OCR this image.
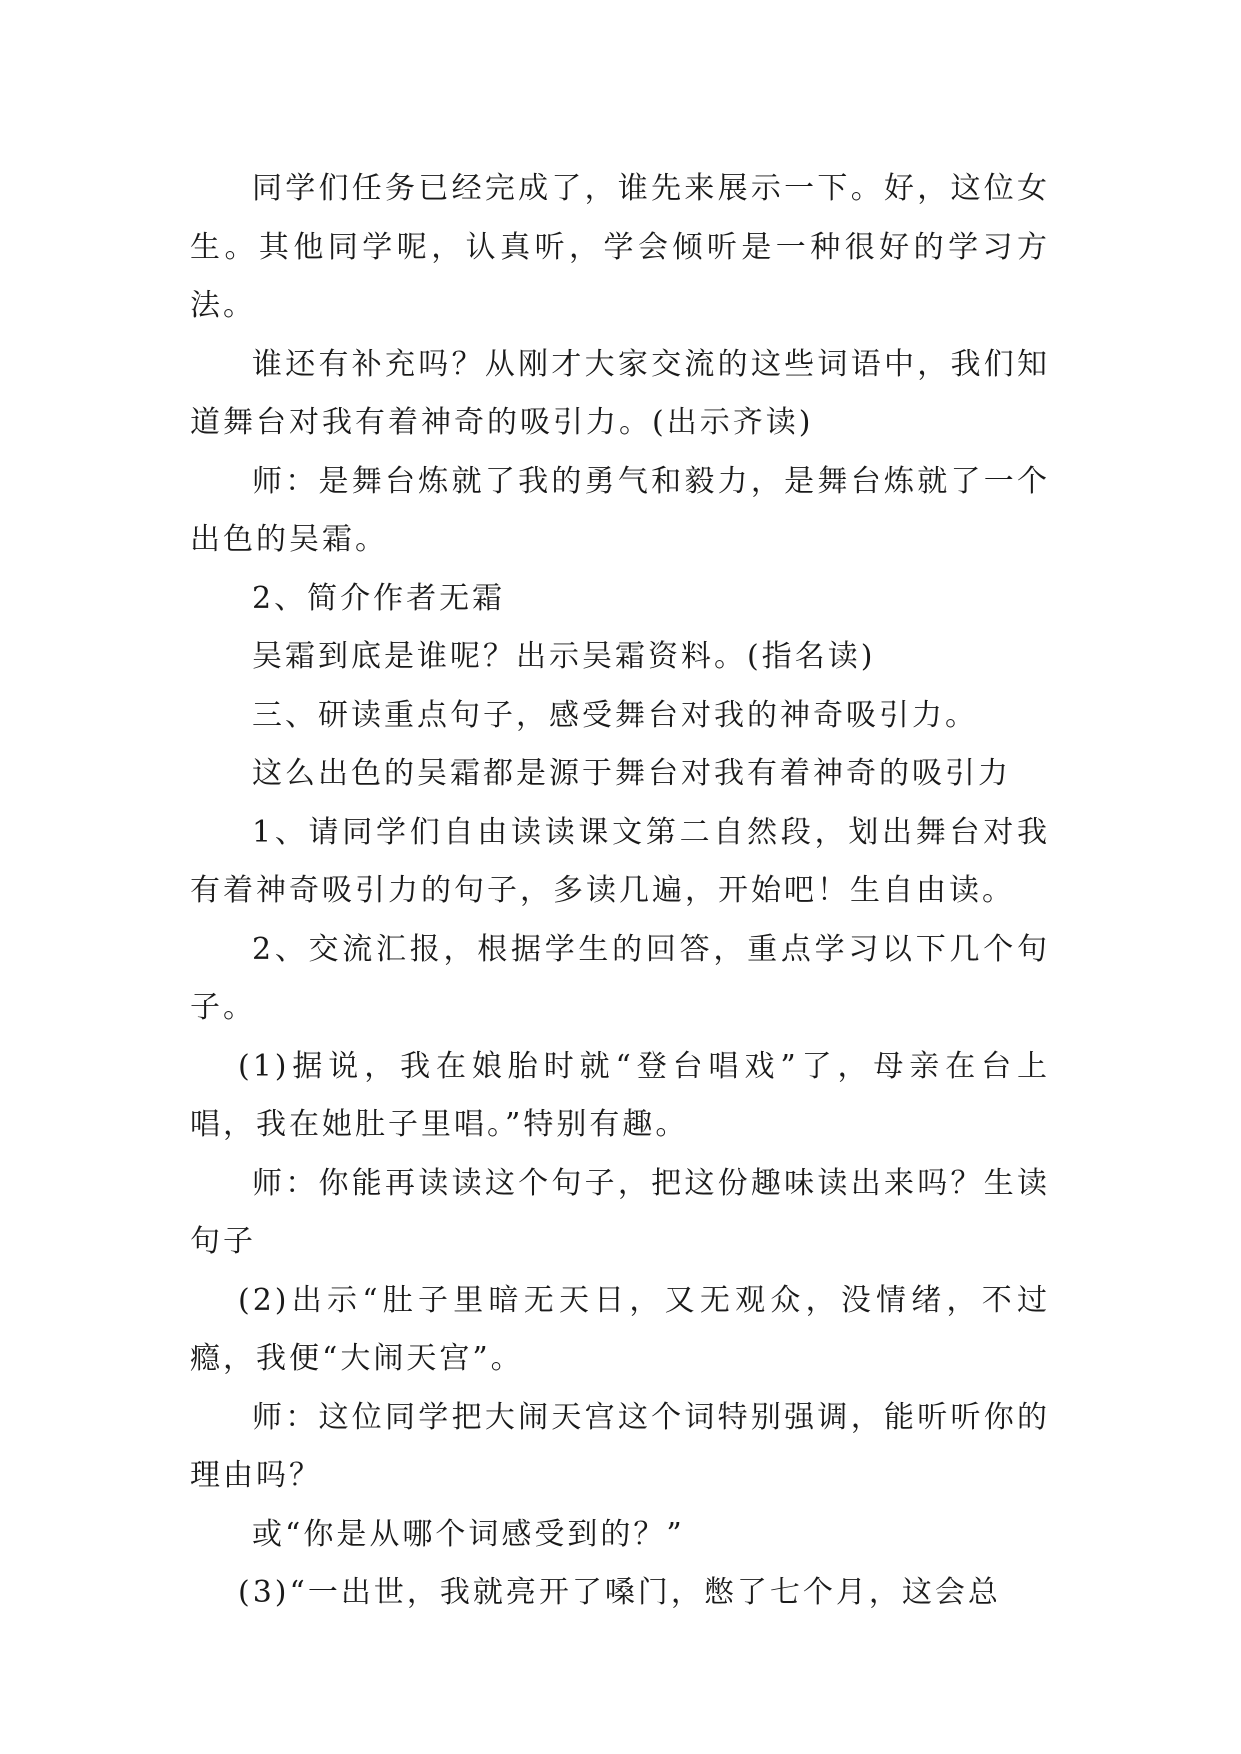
同学们任务已经完成了，谁先来展示一下。好，这位女生。其他同学呢，认真听，学会倾听是一种很好的学习方法。

谁还有补充吗？从刚才大家交流的这些词语中，我们知道舞台对我有着神奇的吸引力。(出示齐读)

师：是舞台炼就了我的勇气和毅力，是舞台炼就了一个出色的吴霜。

2、简介作者无霜

吴霜到底是谁呢？出示吴霜资料。(指名读)

三、研读重点句子，感受舞台对我的神奇吸引力。

这么出色的吴霜都是源于舞台对我有着神奇的吸引力

1、请同学们自由读读课文第二自然段，划出舞台对我有着神奇吸引力的句子，多读几遍，开始吧！生自由读。

2、交流汇报，根据学生的回答，重点学习以下几个句子。

(1)据说，我在娘胎时就“登台唱戏”了，母亲在台上唱，我在她肚子里唱。”特别有趣。

师：你能再读读这个句子，把这份趣味读出来吗？生读句子

(2)出示“肚子里暗无天日，又无观众，没情绪，不过瘾，我便“大闹天宫”。

师：这位同学把大闹天宫这个词特别强调，能听听你的理由吗？

或“你是从哪个词感受到的？”

(3)“一出世，我就亮开了嗓门，憋了七个月，这会总
